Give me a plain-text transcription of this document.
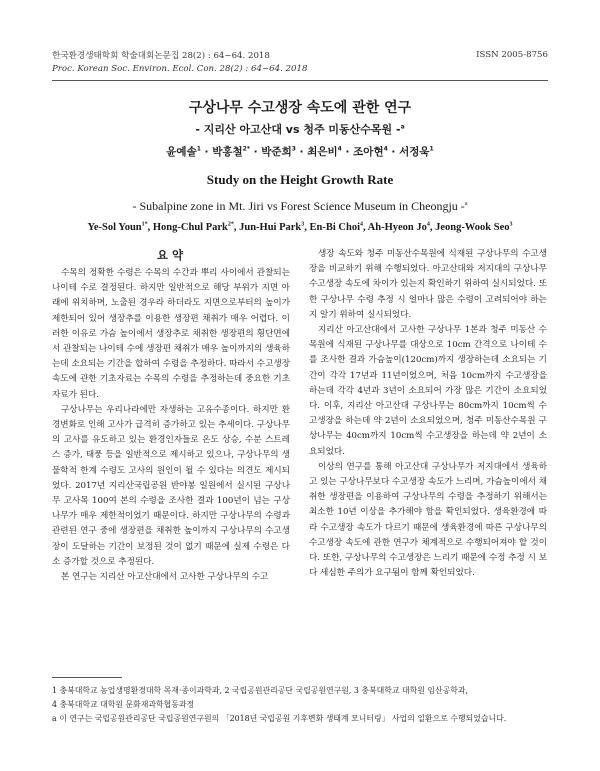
한국환경생태학회 학술대회논문집 28(2) : 64~64. 2018
Proc. Korean Soc. Environ. Ecol. Con. 28(2) : 64~64. 2018
ISSN 2005-8756
구상나무 수고생장 속도에 관한 연구
- 지리산 아고산대 vs 청주 미동산수목원 -$^a$
윤예솔$^1$ · 박홍철$^{2*}$ · 박준희$^3$ · 최은비$^4$ · 조아현$^4$ · 서정욱$^1$
Study on the Height Growth Rate
- Subalpine zone in Mt. Jiri vs Forest Science Museum in Cheongju -$^a$
Ye-Sol Youn$^{1*}$, Hong-Chul Park$^{2*}$, Jun-Hui Park$^3$, En-Bi Choi$^4$, Ah-Hyeon Jo$^4$, Jeong-Wook Seo$^3$
요 약

수목의 정확한 수령은 수목의 수간과 뿌리 사이에서 관찰되는 나이테 수로 결정된다. 하지만 일반적으로 해당 부위가 지면 아래에 위치하며, 노출된 경우라 하더라도 지면으로부터의 높이가 제한되어 있어 생장추를 이용한 생장편 채취가 매우 어렵다. 이러한 이유로 가슴 높이에서 생장추로 채취한 생장편의 횡단면에서 관찰되는 나이테 수에 생장편 채취가 매우 높이까지의 생육하는데 소요되는 기간을 합하여 수령을 추정하다. 따라서 수고생장 속도에 관한 기초자료는 수목의 수령을 추정하는데 중요한 기초자료가 된다.

구상나무는 우리나라에만 자생하는 고유수종이다. 하지만 환경변화로 인해 고사가 급격히 증가하고 있는 추세이다. 구상나무의 고사를 유도하고 있는 환경인자들로 온도 상승, 수분 스트레스 증가, 태풍 등을 일반적으로 제시하고 있으나, 구상나무의 생물학적 한계 수령도 고사의 원인이 될 수 있다는 의견도 제시되었다. 2017년 지리산국립공원 반야봉 일원에서 실시된 구상나무 고사목 100여 본의 수령을 조사한 결과 100년이 넘는 구상나무가 매우 제한적이었기 때문이다. 하지만 구상나무의 수령과 관련된 연구 중에 생장편을 채취한 높이까지 구상나무의 수고생장이 도달하는 기간이 보정된 것이 없기 때문에 실제 수령은 다소 증가할 것으로 추정된다.

본 연구는 지리산 아고산대에서 고사한 구상나무의 수고

생장 속도와 청주 미동산수목원에 식재된 구상나무의 수고생장을 비교하기 위해 수행되었다. 아고산대와 저지대의 구상나무 수고생장 속도에 차이가 있는지 확인하기 위하여 실시되었다. 또한 구상나무 수령 추정 시 얼마나 많은 수령이 고려되어야 하는지 알기 위하여 실시되었다.

지리산 아고산대에서 고사한 구상나무 1본과 청주 미동산 수목원에 식재된 구상나무를 대상으로 10cm 간격으로 나이테 수를 조사한 결과 가슴높이(120cm)까지 생장하는데 소요되는 기간이 각각 17년과 11년이었으며, 처음 10cm까지 수고생장을 하는데 각각 4년과 3년이 소요되어 가장 많은 기간이 소요되었다. 이후, 지리산 아고산대 구상나무는 80cm까지 10cm씩 수고생장을 하는데 약 2년이 소요되었으며, 청주 미동산수목원 구상나무는 40cm까지 10cm씩 수고생장을 하는데 약 2년이 소요되었다.

이상의 연구를 통해 아고산대 구상나무가 저지대에서 생육하고 있는 구상나무보다 수고생장 속도가 느리며, 가슴높이에서 채취한 생장편을 이용하여 구상나무의 수령을 추정하기 위해서는 최소한 10년 이상을 추가해야 함을 확인되었다. 생육환경에 따라 수고생장 속도가 다르기 때문에 생육환경에 따른 구상나무의 수고생장 속도에 관한 연구가 체계적으로 수행되어져야 할 것이다. 또한, 구상나무의 수고생장은 느리기 때문에 수정 추정 시 보다 세심한 주의가 요구됨이 함께 확인되었다.

1 충북대학교 농업생명환경대학 목재·종이과학과, 2 국립공원관리공단 국립공원연구원, 3 충북대학교 대학원 임산공학과,
4 충북대학교 대학원 문화재과학협동과정
a 이 연구는 국립공원관리공단 국립공원연구원의 「2018년 국립공원 기후변화 생태계 모니터링」 사업의 일환으로 수행되었습니다.
